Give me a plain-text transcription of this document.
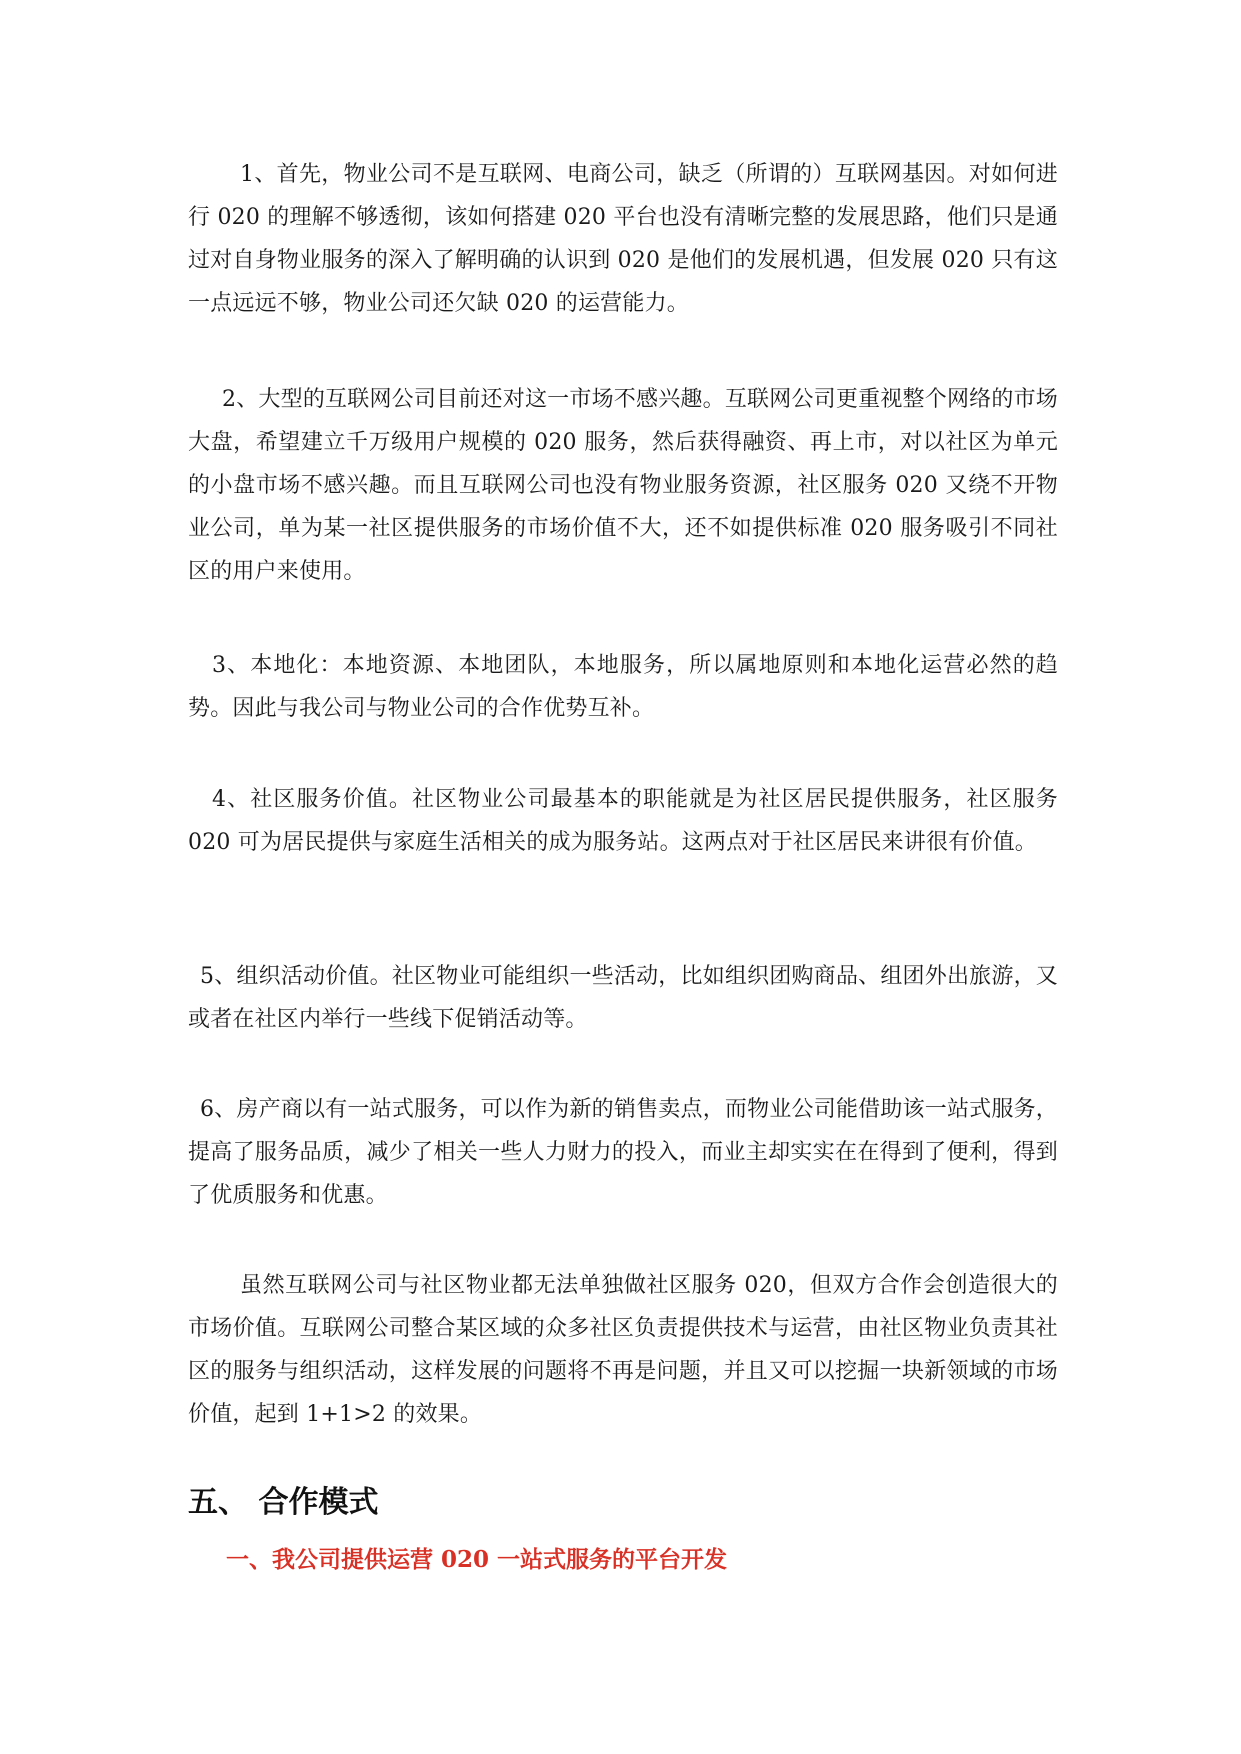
1、首先，物业公司不是互联网、电商公司，缺乏（所谓的）互联网基因。对如何进行 020 的理解不够透彻，该如何搭建 020 平台也没有清晰完整的发展思路，他们只是通过对自身物业服务的深入了解明确的认识到 020 是他们的发展机遇，但发展 020 只有这一点远远不够，物业公司还欠缺 020 的运营能力。

2、大型的互联网公司目前还对这一市场不感兴趣。互联网公司更重视整个网络的市场大盘，希望建立千万级用户规模的 020 服务，然后获得融资、再上市，对以社区为单元的小盘市场不感兴趣。而且互联网公司也没有物业服务资源，社区服务 020 又绕不开物业公司，单为某一社区提供服务的市场价值不大，还不如提供标准 020 服务吸引不同社区的用户来使用。

3、本地化：本地资源、本地团队，本地服务，所以属地原则和本地化运营必然的趋势。因此与我公司与物业公司的合作优势互补。

4、社区服务价值。社区物业公司最基本的职能就是为社区居民提供服务，社区服务 020 可为居民提供与家庭生活相关的成为服务站。这两点对于社区居民来讲很有价值。

5、组织活动价值。社区物业可能组织一些活动，比如组织团购商品、组团外出旅游，又或者在社区内举行一些线下促销活动等。

6、房产商以有一站式服务，可以作为新的销售卖点，而物业公司能借助该一站式服务，提高了服务品质，减少了相关一些人力财力的投入，而业主却实实在在得到了便利，得到了优质服务和优惠。

虽然互联网公司与社区物业都无法单独做社区服务 020，但双方合作会创造很大的市场价值。互联网公司整合某区域的众多社区负责提供技术与运营，由社区物业负责其社区的服务与组织活动，这样发展的问题将不再是问题，并且又可以挖掘一块新领域的市场价值，起到 1+1>2 的效果。

五、 合作模式
一、我公司提供运营 020 一站式服务的平台开发
